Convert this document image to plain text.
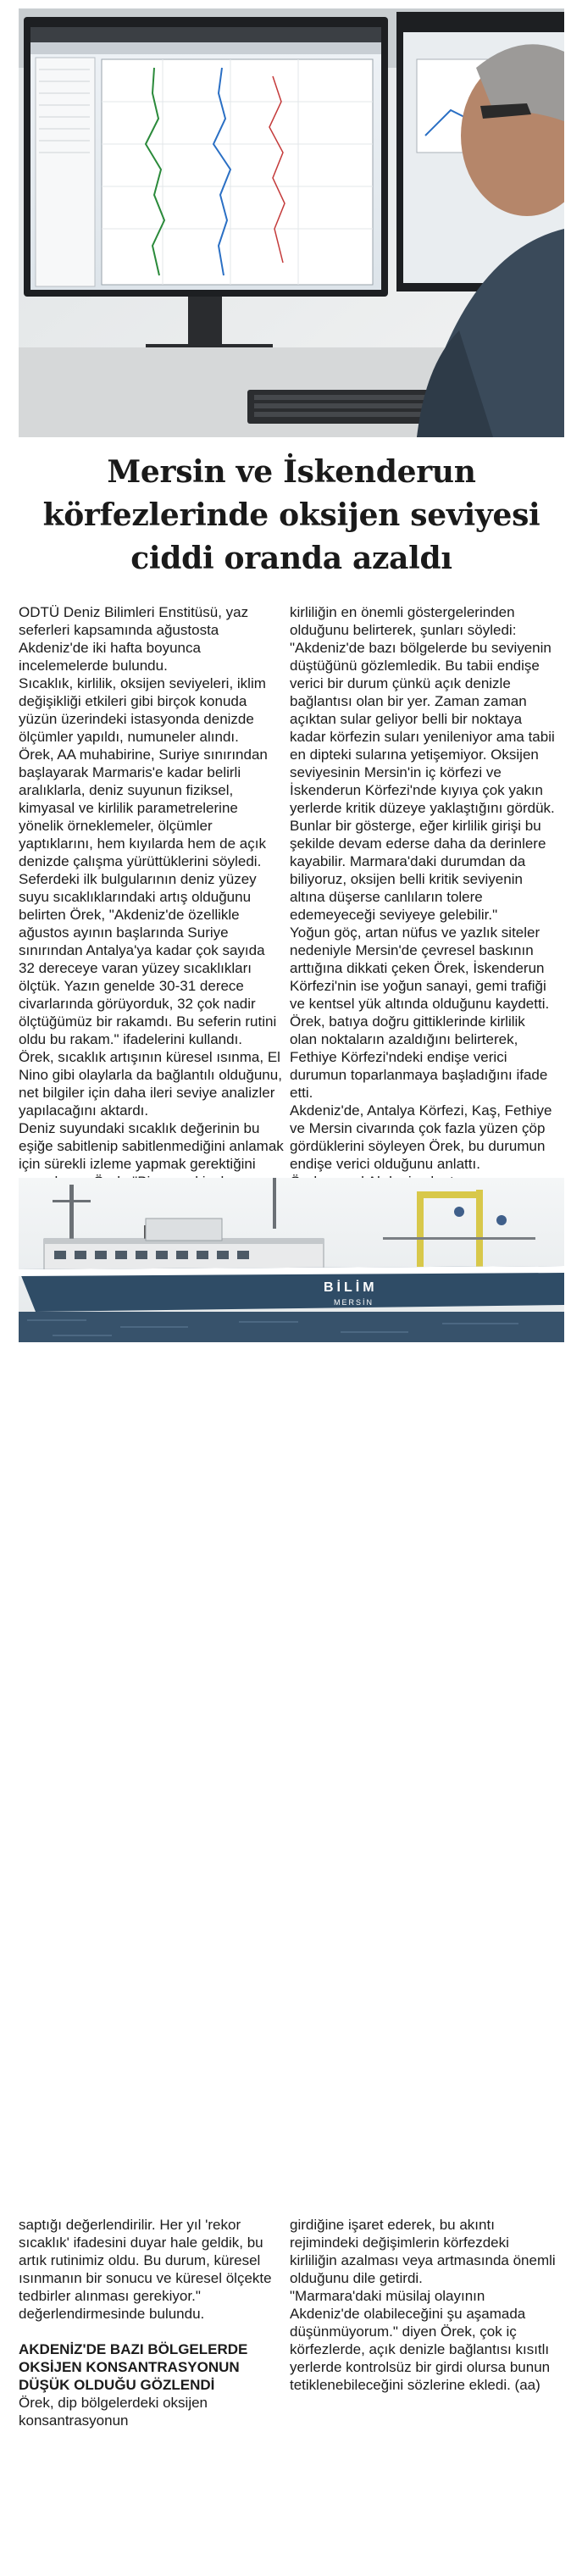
Mersin ve İskenderun körfezlerinde oksijen seviyesi ciddi oranda azaldı

ODTÜ Deniz Bilimleri Enstitüsü, yaz seferleri kapsamında ağustosta Akdeniz'de iki hafta boyunca incelemelerde bulundu.

Sıcaklık, kirlilik, oksijen seviyeleri, iklim değişikliği etkileri gibi birçok konuda yüzün üzerindeki istasyonda denizde ölçümler yapıldı, numuneler alındı.

Örek, AA muhabirine, Suriye sınırından başlayarak Marmaris'e kadar belirli aralıklarla, deniz suyunun fiziksel, kimyasal ve kirlilik parametrelerine yönelik örneklemeler, ölçümler yaptıklarını, hem kıyılarda hem de açık denizde çalışma yürüttüklerini söyledi.

Seferdeki ilk bulgularının deniz yüzey suyu sıcaklıklarındaki artış olduğunu belirten Örek, "Akdeniz'de özellikle ağustos ayının başlarında Suriye sınırından Antalya'ya kadar çok sayıda 32 dereceye varan yüzey sıcaklıkları ölçtük. Yazın genelde 30-31 derece civarlarında görüyorduk, 32 çok nadir ölçtüğümüz bir rakamdı. Bu seferin rutini oldu bu rakam." ifadelerini kullandı.

Örek, sıcaklık artışının küresel ısınma, El Nino gibi olaylarla da bağlantılı olduğunu, net bilgiler için daha ileri seviye analizler yapılacağını aktardı.

Deniz suyundaki sıcaklık değerinin bu eşiğe sabitlenip sabitlenmediğini anlamak için sürekli izleme yapmak gerektiğini

kirliliğin en önemli göstergelerinden olduğunu belirterek, şunları söyledi: "Akdeniz'de bazı bölgelerde bu seviyenin düştüğünü gözlemledik. Bu tabii endişe verici bir durum çünkü açık denizle bağlantısı olan bir yer. Zaman zaman açıktan sular geliyor belli bir noktaya kadar körfezin suları yenileniyor ama tabii en dipteki sularına yetişemiyor. Oksijen seviyesinin Mersin'in iç körfezi ve İskenderun Körfezi'nde kıyıya çok yakın yerlerde kritik düzeye yaklaştığını gördük. Bunlar bir gösterge, eğer kirlilik girişi bu şekilde devam ederse daha da derinlere kayabilir. Marmara'daki durumdan da biliyoruz, oksijen belli kritik seviyenin altına düşerse canlıların tolere edemeyeceği seviyeye gelebilir."

Yoğun göç, artan nüfus ve yazlık siteler nedeniyle Mersin'de çevresel baskının arttığına dikkati çeken Örek, İskenderun Körfezi'nin ise yoğun sanayi, gemi trafiği ve kentsel yük altında olduğunu kaydetti.

Örek, batıya doğru gittiklerinde kirlilik olan noktaların azaldığını belirterek, Fethiye Körfezi'ndeki endişe verici durumun toparlanmaya başladığını ifade etti.

Akdeniz'de, Antalya Körfezi, Kaş, Fethiye ve Mersin civarında çok fazla yüzen çöp gördüklerini söyleyen Örek, bu durumun endişe verici olduğunu anlattı.

BİLİM
MERSİN

saptığı değerlendirilir. Her yıl 'rekor sıcaklık' ifadesini duyar hale geldik, bu artık rutinimiz oldu. Bu durum, küresel ısınmanın bir sonucu ve küresel ölçekte tedbirler alınması gerekiyor." değerlendirmesinde bulundu.

AKDENİZ'DE BAZI BÖLGELERDE OKSİJEN KONSANTRASYONUN DÜŞÜK OLDUĞU GÖZLENDİ

Örek, dip bölgelerdeki oksijen konsantrasyonun

girdiğine işaret ederek, bu akıntı rejimindeki değişimlerin körfezdeki kirliliğin azalması veya artmasında önemli olduğunu dile getirdi.

"Marmara'daki müsilaj olayının Akdeniz'de olabileceğini şu aşamada düşünmüyorum." diyen Örek, çok iç körfezlerde, açık denizle bağlantısı kısıtlı yerlerde kontrolsüz bir girdi olursa bunun tetiklenebileceğini sözlerine ekledi. (aa)
